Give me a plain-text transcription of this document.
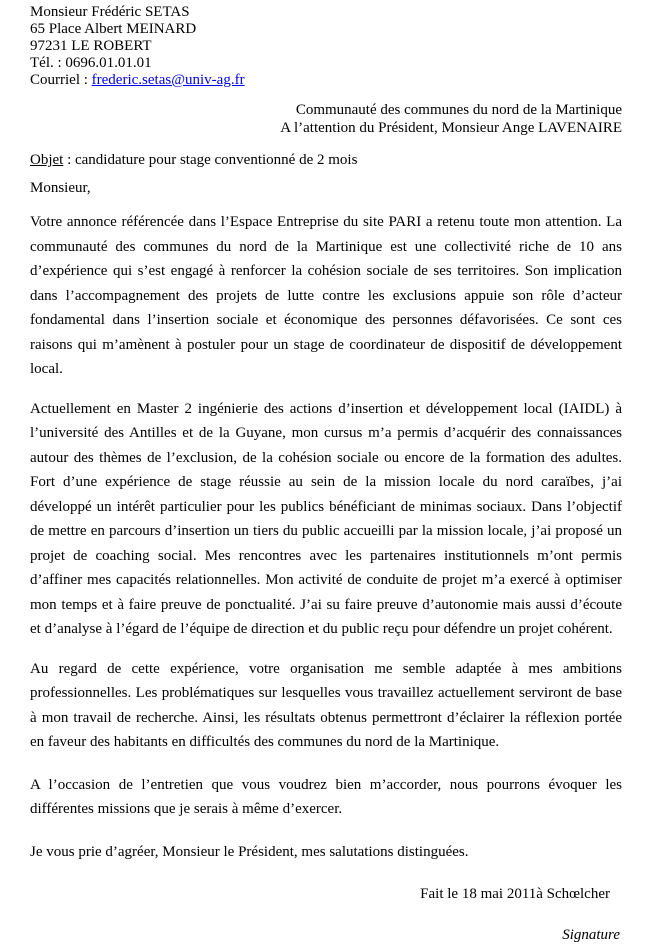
Monsieur Frédéric SETAS
65 Place Albert MEINARD
97231 LE ROBERT
Tél. : 0696.01.01.01
Courriel : frederic.setas@univ-ag.fr
Communauté des communes du nord de la Martinique
A l’attention du Président, Monsieur Ange LAVENAIRE
Objet : candidature pour stage conventionné de 2 mois
Monsieur,

Votre annonce référencée dans l’Espace Entreprise du site PARI a retenu toute mon attention. La communauté des communes du nord de la Martinique est une collectivité riche de 10 ans d’expérience qui s’est engagé à renforcer la cohésion sociale de ses territoires. Son implication dans l’accompagnement des projets de lutte contre les exclusions appuie son rôle d’acteur fondamental dans l’insertion sociale et économique des personnes défavorisées. Ce sont ces raisons qui m’amènent à postuler pour un stage de coordinateur de dispositif de développement local.

Actuellement en Master 2 ingénierie des actions d’insertion et développement local (IAIDL) à l’université des Antilles et de la Guyane, mon cursus m’a permis d’acquérir des connaissances autour des thèmes de l’exclusion, de la cohésion sociale ou encore de la formation des adultes. Fort d’une expérience de stage réussie au sein de la mission locale du nord caraïbes, j’ai développé un intérêt particulier pour les publics bénéficiant de minimas sociaux. Dans l’objectif de mettre en parcours d’insertion un tiers du public accueilli par la mission locale, j’ai proposé un projet de coaching social. Mes rencontres avec les partenaires institutionnels m’ont permis d’affiner mes capacités relationnelles. Mon activité de conduite de projet m’a exercé à optimiser mon temps et à faire preuve de ponctualité. J’ai su faire preuve d’autonomie mais aussi d’écoute et d’analyse à l’égard de l’équipe de direction et du public reçu pour défendre un projet cohérent.

Au regard de cette expérience, votre organisation me semble adaptée à mes ambitions professionnelles. Les problématiques sur lesquelles vous travaillez actuellement serviront de base à mon travail de recherche. Ainsi, les résultats obtenus permettront d’éclairer la réflexion portée en faveur des habitants en difficultés des communes du nord de la Martinique.

A l’occasion de l’entretien que vous voudrez bien m’accorder, nous pourrons évoquer les différentes missions que je serais à même d’exercer.

Je vous prie d’agréer, Monsieur le Président, mes salutations distinguées.
Fait le 18 mai 2011à Schœlcher
Signature
